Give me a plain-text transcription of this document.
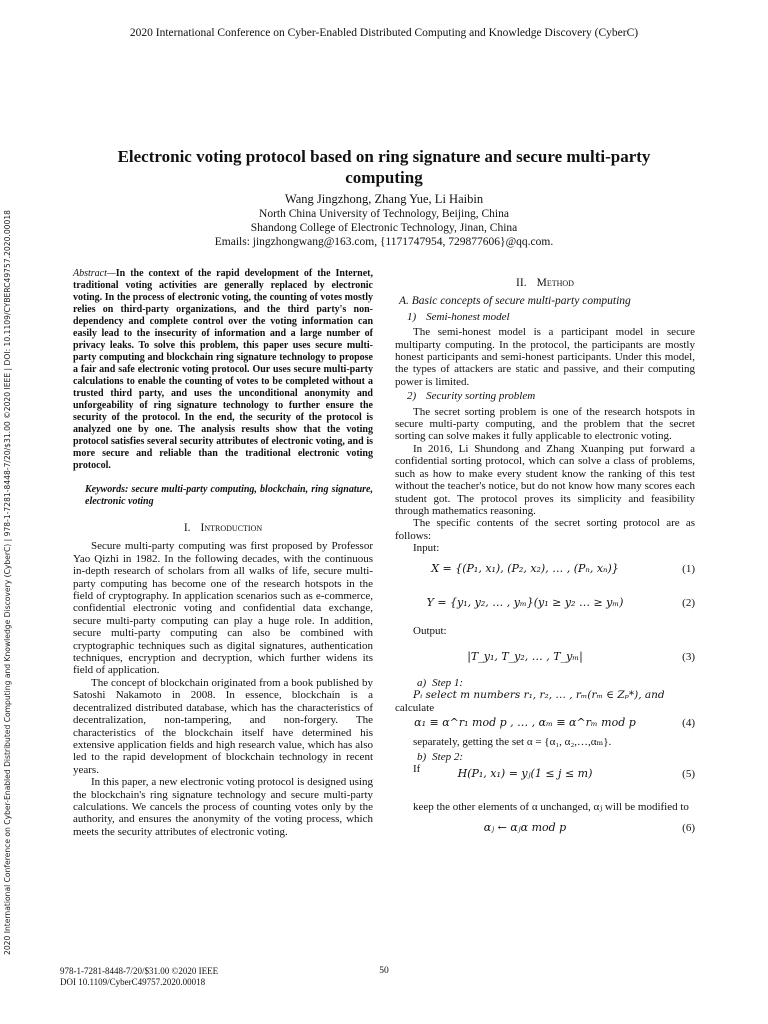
2020 International Conference on Cyber-Enabled Distributed Computing and Knowledge Discovery (CyberC)
2020 International Conference on Cyber-Enabled Distributed Computing and Knowledge Discovery (CyberC) | 978-1-7281-8448-7/20/$31.00 ©2020 IEEE | DOI: 10.1109/CYBERC49757.2020.00018
Electronic voting protocol based on ring signature and secure multi-party computing
Wang Jingzhong, Zhang Yue, Li Haibin
North China University of Technology, Beijing, China
Shandong College of Electronic Technology, Jinan, China
Emails: jingzhongwang@163.com, {1171747954, 729877606}@qq.com.
Abstract—In the context of the rapid development of the Internet, traditional voting activities are generally replaced by electronic voting. In the process of electronic voting, the counting of votes mostly relies on third-party organizations, and the third party's non-dependency and complete control over the voting information can easily lead to the insecurity of information and a large number of privacy leaks. To solve this problem, this paper uses secure multi-party computing and blockchain ring signature technology to propose a fair and safe electronic voting protocol. Our uses secure multi-party calculations to enable the counting of votes to be completed without a trusted third party, and uses the unconditional anonymity and unforgeability of ring signature technology to further ensure the security of the protocol. In the end, the security of the protocol is analyzed one by one. The analysis results show that the voting protocol satisfies several security attributes of electronic voting, and is more secure and reliable than the traditional electronic voting protocol.
Keywords: secure multi-party computing, blockchain, ring signature, electronic voting
I. Introduction

Secure multi-party computing was first proposed by Professor Yao Qizhi in 1982. In the following decades, with the continuous in-depth research of scholars from all walks of life, secure multi-party computing has become one of the research hotspots in the field of cryptography. In application scenarios such as e-commerce, confidential electronic voting and confidential data exchange, secure multi-party computing can play a huge role. In addition, secure multi-party computing can also be combined with cryptographic techniques such as digital signatures, authentication techniques, encryption and decryption, which further widens its field of application.

The concept of blockchain originated from a book published by Satoshi Nakamoto in 2008. In essence, blockchain is a decentralized distributed database, which has the characteristics of decentralization, non-tampering, and non-forgery. The characteristics of the blockchain itself have determined his extensive application fields and high research value, which has also led to the rapid development of blockchain technology in recent years.

In this paper, a new electronic voting protocol is designed using the blockchain's ring signature technology and secure multi-party calculations. We cancels the process of counting votes only by the authority, and ensures the anonymity of the voting process, which meets the security attributes of electronic voting.

II. Method
A. Basic concepts of secure multi-party computing
1) Semi-honest model

The semi-honest model is a participant model in secure multiparty computing. In the protocol, the participants are mostly honest participants and semi-honest participants. Under this model, the types of attackers are static and passive, and their computing power is limited.

2) Security sorting problem

The secret sorting problem is one of the research hotspots in secure multi-party computing, and the problem that the secret sorting can solve makes it fully applicable to electronic voting.

In 2016, Li Shundong and Zhang Xuanping put forward a confidential sorting protocol, which can solve a class of problems, such as how to make every student know the ranking of this test without the teacher's notice, but do not know how many scores each student got. The protocol proves its simplicity and feasibility through mathematics reasoning.

The specific contents of the secret sorting protocol are as follows:

Input:
X = {(P₁, x₁), (P₂, x₂), … , (Pₙ, xₙ)}	(1)
Y = {y₁, y₂, … , yₘ}(y₁ ≥ y₂ … ≥ yₘ)	(2)
Output:
|T_y₁, T_y₂, … , T_yₘ|	(3)
a) Step 1:
Pᵢ select m numbers r₁, r₂, … , rₘ(rₘ ∈ Zₚ*), and
calculate
α₁ ≡ α^r₁ mod p , … , αₘ ≡ α^rₘ mod p	(4)
separately, getting the set α = {α₁, α₂,…,αₘ}.
b) Step 2:
If	H(P₁, x₁) = yⱼ(1 ≤ j ≤ m)	(5)

keep the other elements of α unchanged, αⱼ will be modified to

αⱼ ← αⱼα mod p	(6)
978-1-7281-8448-7/20/$31.00 ©2020 IEEE
DOI 10.1109/CyberC49757.2020.00018
50
